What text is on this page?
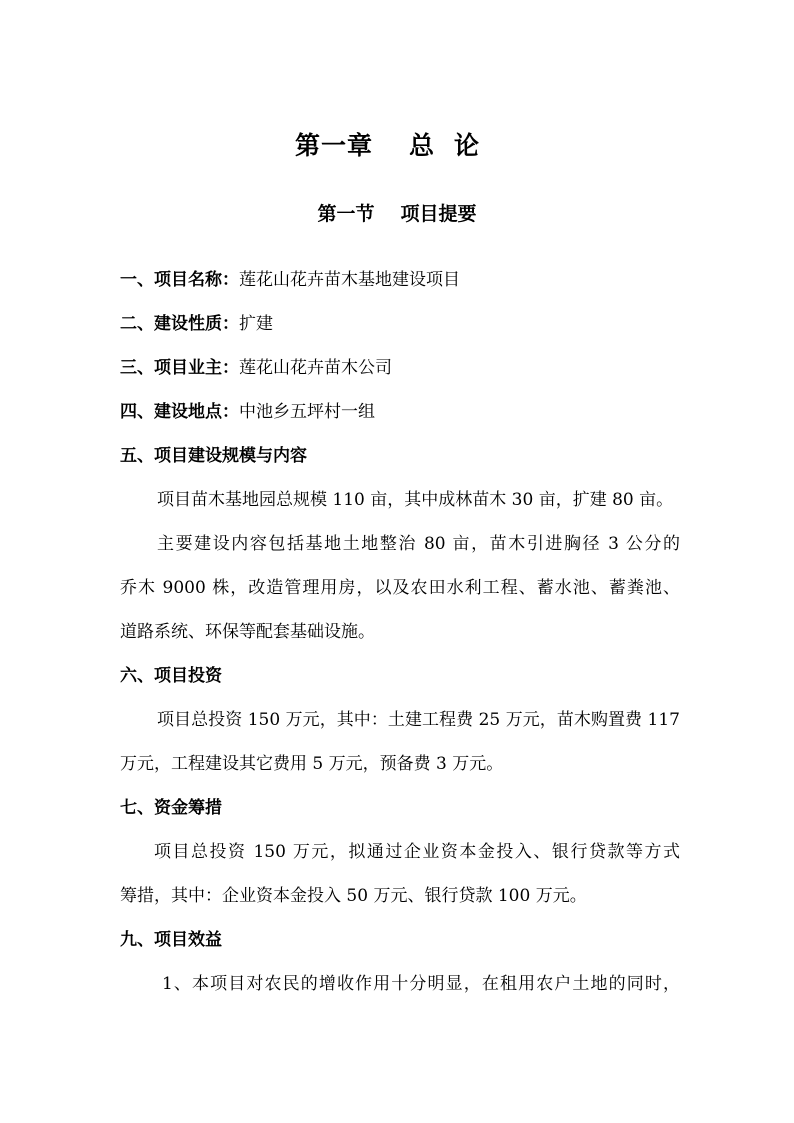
第一章 总论
第一节 项目提要
一、项目名称：莲花山花卉苗木基地建设项目
二、建设性质：扩建
三、项目业主：莲花山花卉苗木公司
四、建设地点：中池乡五坪村一组
五、项目建设规模与内容
项目苗木基地园总规模 110 亩，其中成林苗木 30 亩，扩建 80 亩。
主要建设内容包括基地土地整治 80 亩，苗木引进胸径 3 公分的
乔木 9000 株，改造管理用房，以及农田水利工程、蓄水池、蓄粪池、
道路系统、环保等配套基础设施。
六、项目投资
项目总投资 150 万元，其中：土建工程费 25 万元，苗木购置费 117
万元，工程建设其它费用 5 万元，预备费 3 万元。
七、资金筹措
项目总投资 150 万元，拟通过企业资本金投入、银行贷款等方式
筹措，其中：企业资本金投入 50 万元、银行贷款 100 万元。
九、项目效益
1、本项目对农民的增收作用十分明显，在租用农户土地的同时，
